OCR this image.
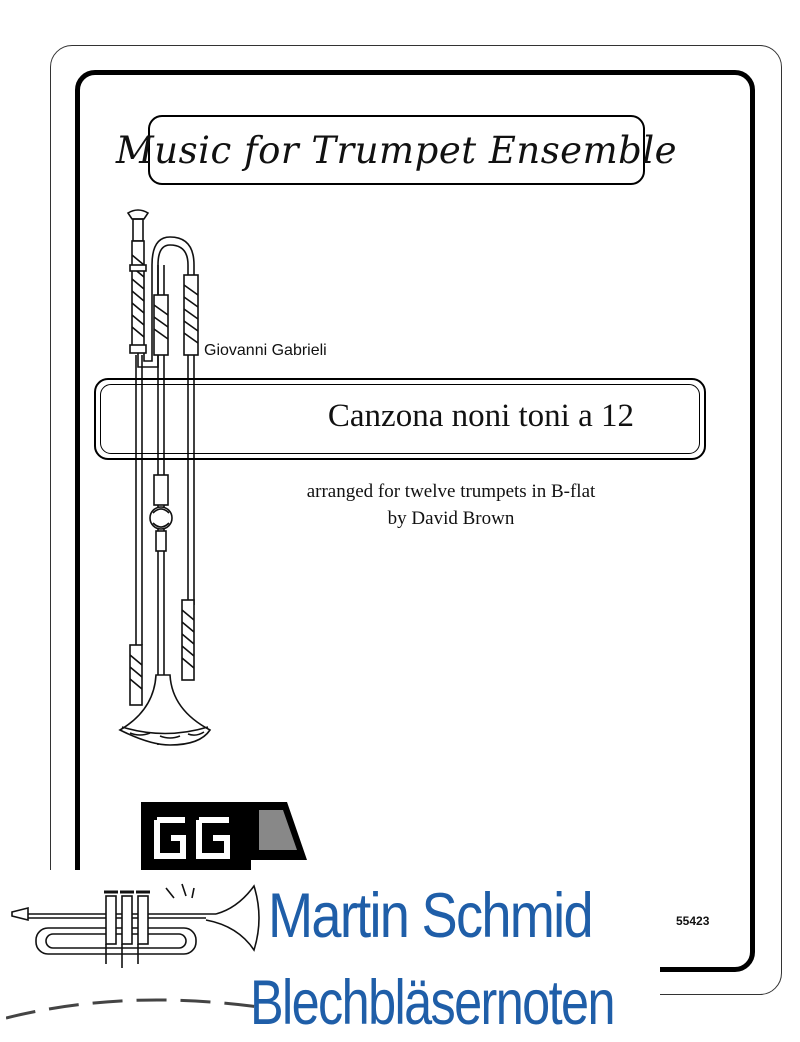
Music for Trumpet Ensemble
Giovanni Gabrieli
Canzona noni toni a 12
arranged for twelve trumpets in B-flat
by David Brown
55423
Martin Schmid
Blechbläsernoten
